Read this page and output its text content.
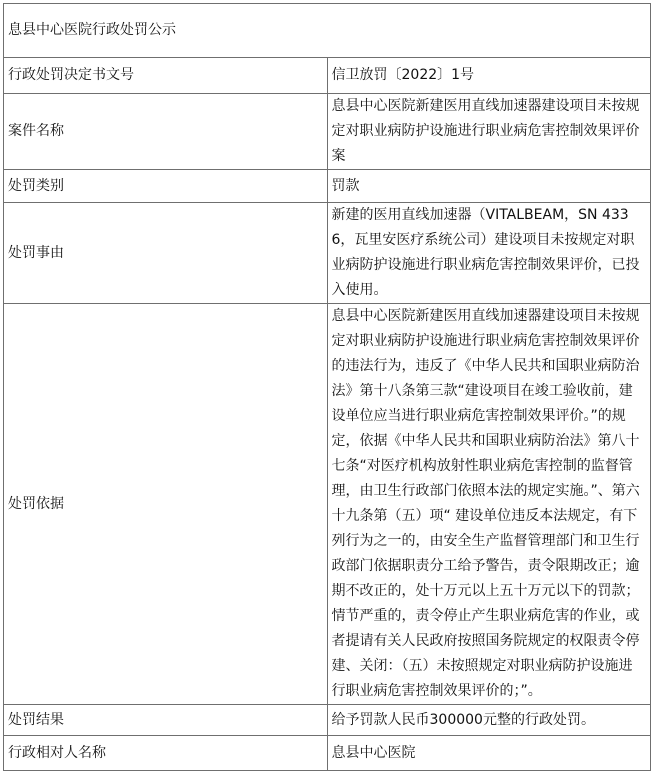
息县中心医院行政处罚公示	
行政处罚决定书文号	信卫放罚〔2022〕1号
案件名称	息县中心医院新建医用直线加速器建设项目未按规定对职业病防护设施进行职业病危害控制效果评价案
处罚类别	罚款
处罚事由	新建的医用直线加速器（VITALBEAM，SN 4336，瓦里安医疗系统公司）建设项目未按规定对职业病防护设施进行职业病危害控制效果评价，已投入使用。
处罚依据	息县中心医院新建医用直线加速器建设项目未按规定对职业病防护设施进行职业病危害控制效果评价的违法行为，违反了《中华人民共和国职业病防治法》第十八条第三款“建设项目在竣工验收前，建设单位应当进行职业病危害控制效果评价。”的规定，依据《中华人民共和国职业病防治法》第八十七条“对医疗机构放射性职业病危害控制的监督管理，由卫生行政部门依照本法的规定实施。”、第六十九条第（五）项“ 建设单位违反本法规定，有下列行为之一的，由安全生产监督管理部门和卫生行政部门依据职责分工给予警告，责令限期改正；逾期不改正的，处十万元以上五十万元以下的罚款；情节严重的，责令停止产生职业病危害的作业，或者提请有关人民政府按照国务院规定的权限责令停建、关闭：（五）未按照规定对职业病防护设施进行职业病危害控制效果评价的；”。
处罚结果	给予罚款人民币300000元整的行政处罚。
行政相对人名称	息县中心医院
